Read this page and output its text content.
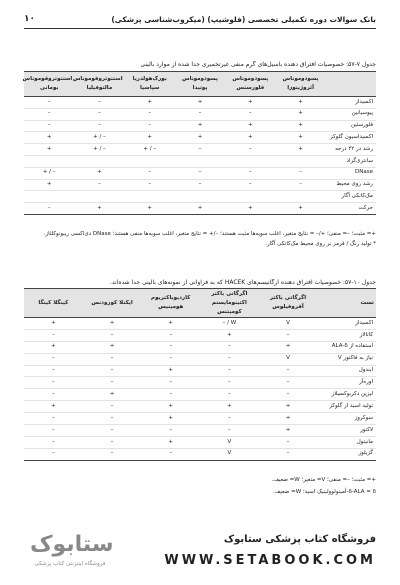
۱۰	بانک سوالات دوره تکمیلی تخصصی (فلوشیپ) (میکروب‌شناسی پزشکی)
جدول ۷-۵۷: خصوصیات افتراق دهنده باسیل‌های گرم منفی غیرتخمیری جدا شده از موارد بالینی
	پسودوموناس آئروژینوزا	پسودوموناس فلورسنس	پسودوموناس پوتیدا	بورک‌هولدریا سپاسیا	استنوتروفوموناس مالتوفیلیا	استنوتروفوموناس بومانی
اکسیداز	+	+	+	+	–	–
پیوسیانین	+	–	–	–	–	–
فلورسئین	+	+	+	–	–	–
اکسیداسیون گلوکز	+	+	+	+	– / +	+
رشد در ۴۲ درجه	+	–	–	– / +	– / +	+
سانتری‌گراد						
DNase	–	–	–	–	+	– / +
رشد روی محیط	–	–	–	–	–	+
مک‌کانکی آگار						
حرکت	+	+	+	+	+	–
+= مثبت؛ –= منفی؛ +/– = نتایج متغیر، اغلب سویه‌ها مثبت هستند؛ –/+ = نتایج متغیر، اغلب سویه‌ها منفی هستند؛ DNase دی‌اکسی ریبونوکلئاز.
* تولید رنگ / قرمز بر روی محیط مک‌کانکی آگار.
جدول ۱۰-۵۷: خصوصیات افتراق دهنده ارگانیسم‌های HACEK که به فراوانی از نمونه‌های بالینی جدا شده‌اند.
تست	اگرگاتی باکتر آفروفیلوس	اگرگاتی باکتر اکتینومایستم کومیتنس	کاردیوباکتریوم هومینیس	ایکنلا کورودنس	کینگلا کینگا
اکسیداز	V	W / –	+	+	+
کاتالاز	–	+	–	–	–
استفاده از ALA-δ	+	–	–	+	+
نیاز به فاکتور V	V	–	–	–	–
ایندول	–	–	+	–	–
اوره‌آز	–	–	–	–	–
لیزین دکربوکسیلاز	–	–	–	+	–
تولید اسید از گلوکز	+	+	+	–	+
سوکروز	+	–	+	–	–
لاکتوز	+	–	–	–	–
مانیتول	–	V	+	–	–
گزیلوز	–	V	–	–	–
+= مثبت؛ –= منفی؛ V= متغیر؛ W= ضعیف.
δ-ALA = δ-آمینولوولینیک اسید؛ W= ضعیف.
ستابوک
فروشگاه اینترنتی کتاب پزشکی
فروشگاه کتاب پزشکی ستابوک
WWW.SETABOOK.COM
